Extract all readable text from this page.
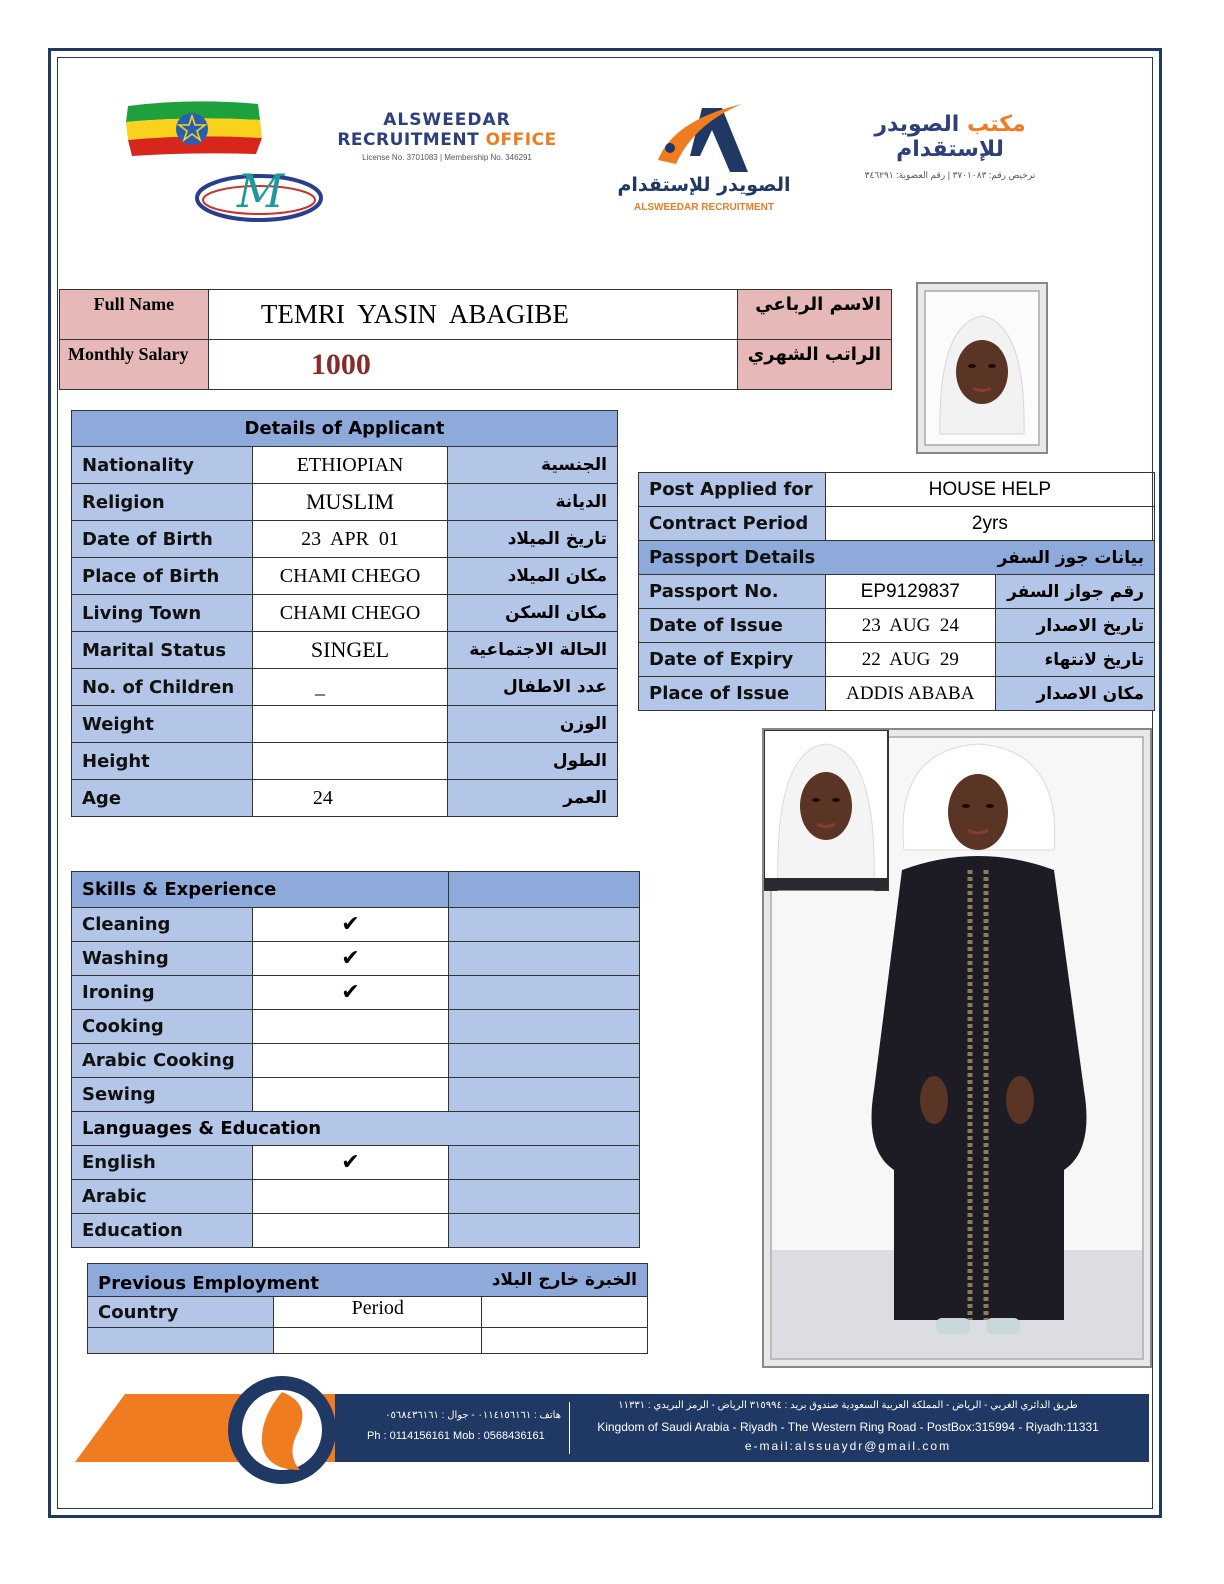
M
ALSWEEDAR
RECRUITMENT OFFICE
License No. 3701083 | Membership No. 346291
الصويدر للإستقدام
ALSWEEDAR RECRUITMENT
مكتب الصويدر للإستقدام
ترخيص رقم: ٣٧٠١٠٨٣ | رقم العضوية: ٣٤٦٢٩١
Full Name	TEMRI  YASIN  ABAGIBE	الاسم الرباعي
Monthly Salary	1000	الراتب الشهري
Details of Applicant		
Nationality	ETHIOPIAN	الجنسية
Religion	MUSLIM	الديانة
Date of Birth	23  APR  01	تاريخ الميلاد
Place of Birth	CHAMI CHEGO	مكان الميلاد
Living Town	CHAMI CHEGO	مكان السكن
Marital Status	SINGEL	الحالة الاجتماعية
No. of Children	_	عدد الاطفال
Weight		الوزن
Height		الطول
Age	24	العمر
Post Applied for	HOUSE HELP	
Contract Period	2yrs	
Passport Details	بيانات جوز السفر	
Passport No.	EP9129837	رقم جواز السفر
Date of Issue	23  AUG  24	تاريخ الاصدار
Date of Expiry	22  AUG  29	تاريخ لانتهاء
Place of Issue	ADDIS ABABA	مكان الاصدار
Skills & Experience		
Cleaning	✔	
Washing	✔	
Ironing	✔	
Cooking		
Arabic Cooking		
Sewing		
Languages & Education		
English	✔	
Arabic		
Education		
Previous Employment		الخبرة خارج البلاد
Country	Period	

هاتف : ٠١١٤١٥٦١٦١ - جوال : ٠٥٦٨٤٣٦١٦١
Ph : 0114156161 Mob : 0568436161
طريق الدائري الغربي - الرياض - المملكة العربية السعودية صندوق بريد : ٣١٥٩٩٤ الرياض - الرمز البريدي : ١١٣٣١
Kingdom of Saudi Arabia - Riyadh - The Western Ring Road - PostBox:315994 - Riyadh:11331
e-mail:alssuaydr@gmail.com
